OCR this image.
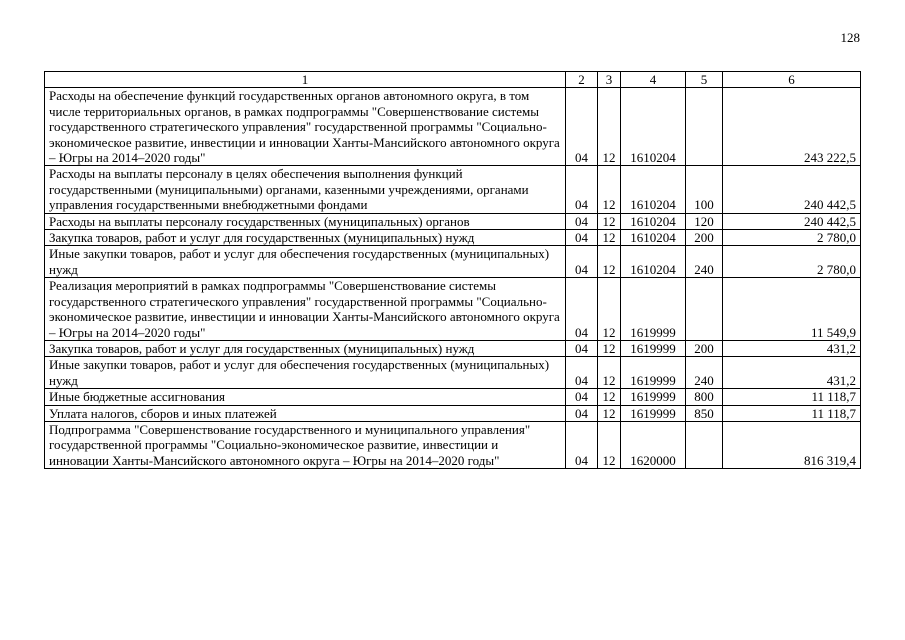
128
1	2	3	4	5	6
Расходы на обеспечение функций государственных органов автономного округа, в том числе территориальных органов, в рамках подпрограммы "Совершенствование системы государственного стратегического управления" государственной программы "Социально-экономическое развитие, инвестиции и инновации Ханты-Мансийского автономного округа – Югры на 2014–2020 годы"	04	12	1610204		243 222,5
Расходы на выплаты персоналу в целях обеспечения выполнения функций государственными (муниципальными) органами, казенными учреждениями, органами управления государственными внебюджетными фондами	04	12	1610204	100	240 442,5
Расходы на выплаты персоналу государственных (муниципальных) органов	04	12	1610204	120	240 442,5
Закупка товаров, работ и услуг для государственных (муниципальных) нужд	04	12	1610204	200	2 780,0
Иные закупки товаров, работ и услуг для обеспечения государственных (муниципальных) нужд	04	12	1610204	240	2 780,0
Реализация мероприятий в рамках подпрограммы "Совершенствование системы государственного стратегического управления" государственной программы "Социально-экономическое развитие, инвестиции и инновации Ханты-Мансийского автономного округа – Югры на 2014–2020 годы"	04	12	1619999		11 549,9
Закупка товаров, работ и услуг для государственных (муниципальных) нужд	04	12	1619999	200	431,2
Иные закупки товаров, работ и услуг для обеспечения государственных (муниципальных) нужд	04	12	1619999	240	431,2
Иные бюджетные ассигнования	04	12	1619999	800	11 118,7
Уплата налогов, сборов и иных платежей	04	12	1619999	850	11 118,7
Подпрограмма "Совершенствование государственного и муниципального управления" государственной программы "Социально-экономическое развитие, инвестиции и инновации Ханты-Мансийского автономного округа – Югры на 2014–2020 годы"	04	12	1620000		816 319,4
